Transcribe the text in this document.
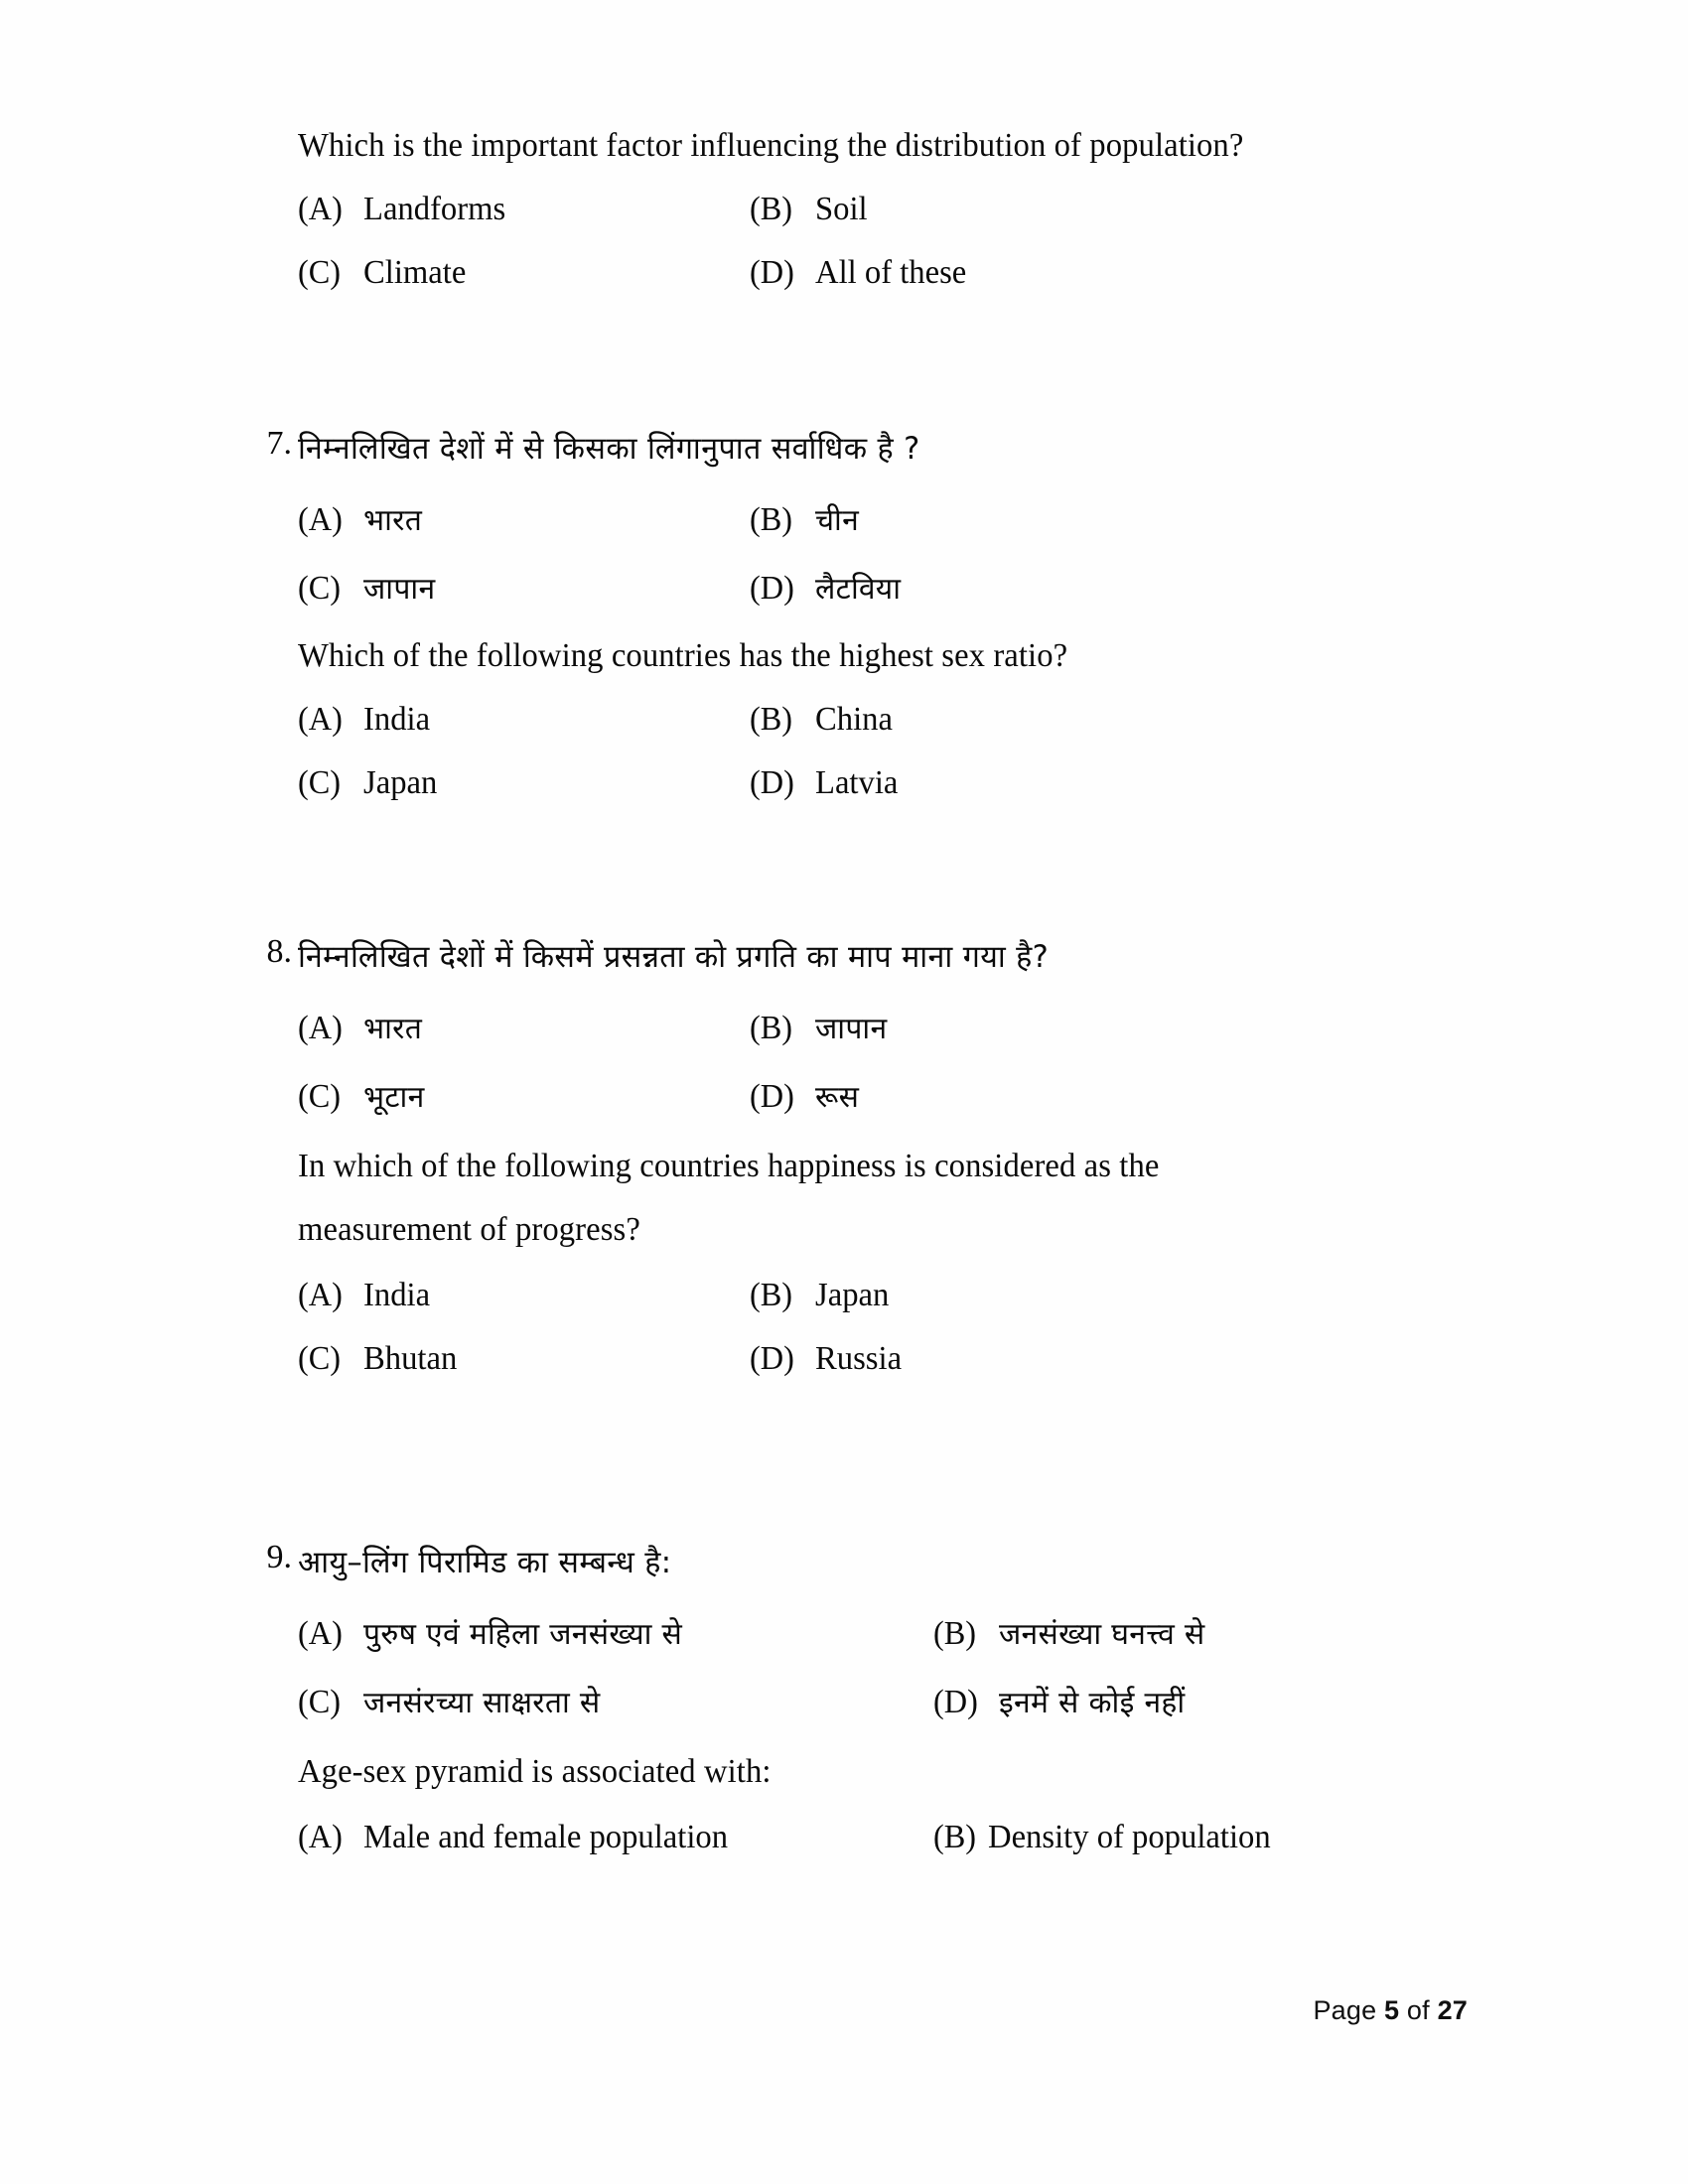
Which is the important factor influencing the distribution of population?
(A) Landforms	(B) Soil
(C) Climate	(D) All of these
7. निम्नलिखित देशों में से किसका लिंगानुपात सर्वाधिक है ?
(A) भारत	(B) चीन
(C) जापान	(D) लैटविया
Which of the following countries has the highest sex ratio?
(A) India	(B) China
(C) Japan	(D) Latvia
8. निम्नलिखित देशों में किसमें प्रसन्नता को प्रगति का माप माना गया है?
(A) भारत	(B) जापान
(C) भूटान	(D) रूस
In which of the following countries happiness is considered as the
measurement of progress?
(A) India	(B) Japan
(C) Bhutan	(D) Russia
9. आयु–लिंग पिरामिड का सम्बन्ध है:
(A) पुरुष एवं महिला जनसंख्या से	(B) जनसंख्या घनत्त्व से
(C) जनसंरच्या साक्षरता से	(D) इनमें से कोई नहीं
Age-sex pyramid is associated with:
(A) Male and female population	(B) Density of population
Page 5 of 27
